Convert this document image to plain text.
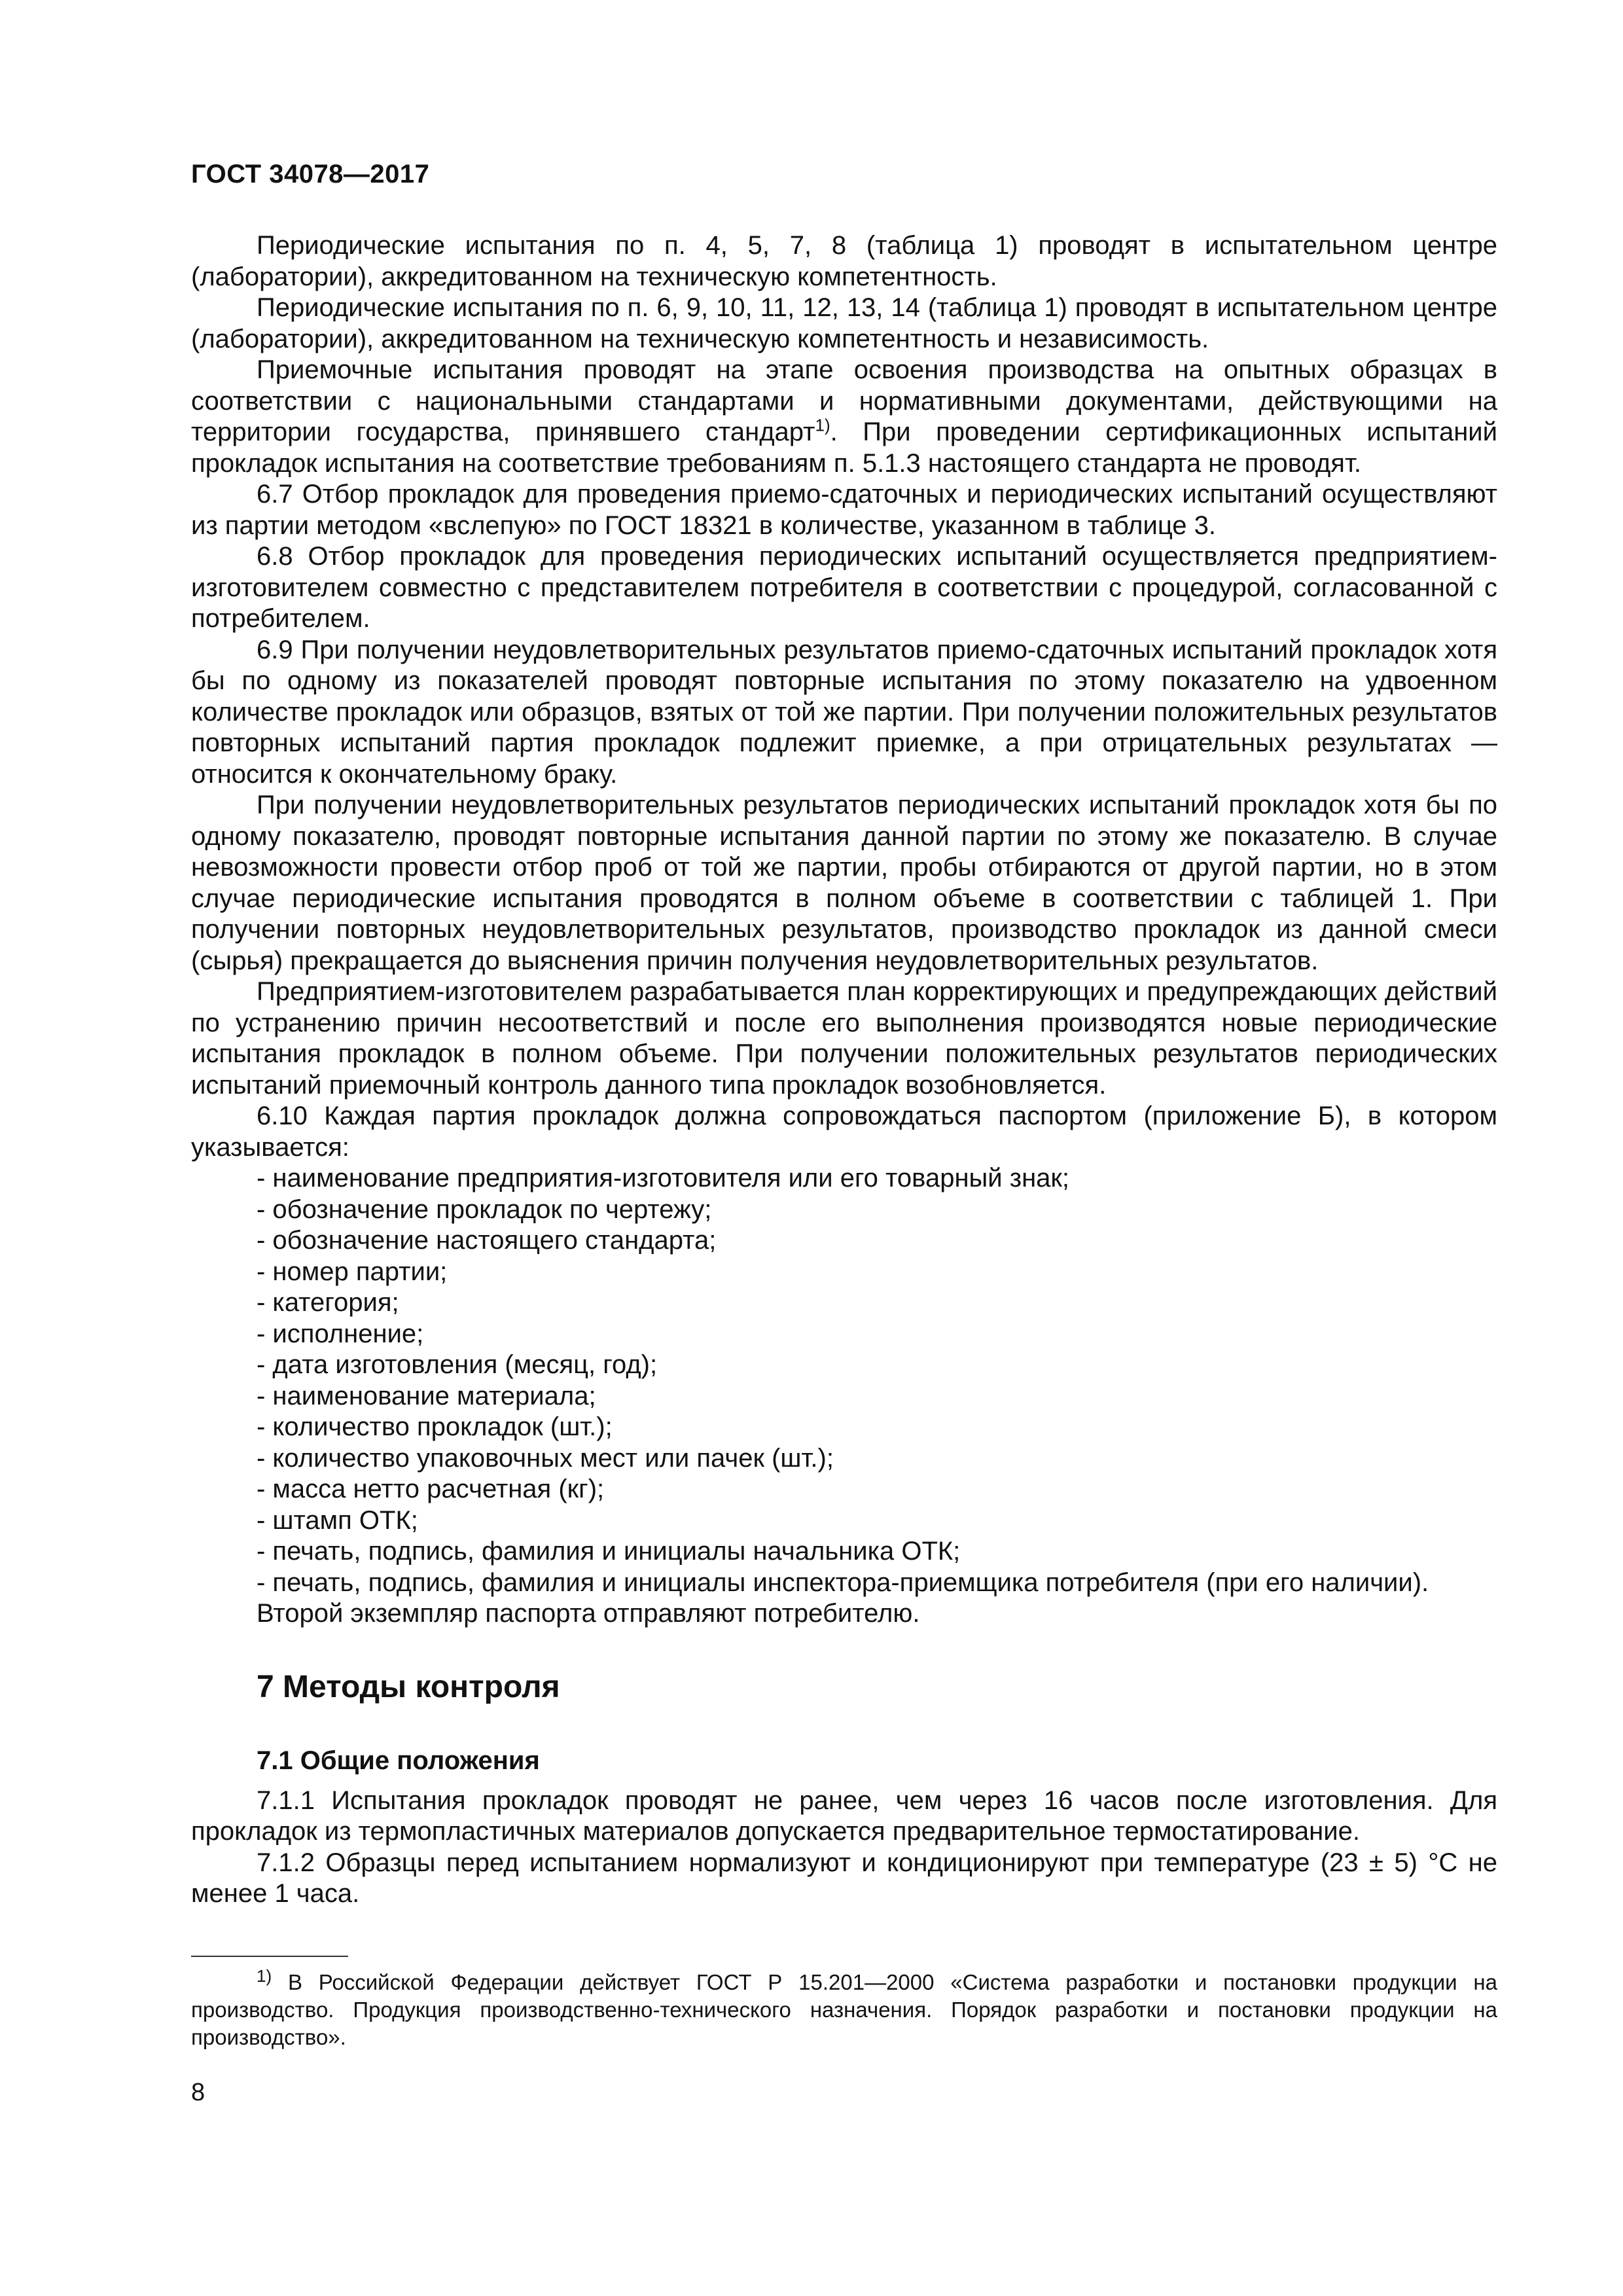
ГОСТ 34078—2017

Периодические испытания по п. 4, 5, 7, 8 (таблица 1) проводят в испытательном центре (лаборатории), аккредитованном на техническую компетентность.

Периодические испытания по п. 6, 9, 10, 11, 12, 13, 14 (таблица 1) проводят в испытательном центре (лаборатории), аккредитованном на техническую компетентность и независимость.

Приемочные испытания проводят на этапе освоения производства на опытных образцах в соответствии с национальными стандартами и нормативными документами, действующими на территории государства, принявшего стандарт$^{1)}$. При проведении сертификационных испытаний прокладок испытания на соответствие требованиям п. 5.1.3 настоящего стандарта не проводят.

6.7 Отбор прокладок для проведения приемо-сдаточных и периодических испытаний осуществляют из партии методом «вслепую» по ГОСТ 18321 в количестве, указанном в таблице 3.

6.8 Отбор прокладок для проведения периодических испытаний осуществляется предприятием-изготовителем совместно с представителем потребителя в соответствии с процедурой, согласованной с потребителем.

6.9 При получении неудовлетворительных результатов приемо-сдаточных испытаний прокладок хотя бы по одному из показателей проводят повторные испытания по этому показателю на удвоенном количестве прокладок или образцов, взятых от той же партии. При получении положительных результатов повторных испытаний партия прокладок подлежит приемке, а при отрицательных результатах — относится к окончательному браку.

При получении неудовлетворительных результатов периодических испытаний прокладок хотя бы по одному показателю, проводят повторные испытания данной партии по этому же показателю. В случае невозможности провести отбор проб от той же партии, пробы отбираются от другой партии, но в этом случае периодические испытания проводятся в полном объеме в соответствии с таблицей 1. При получении повторных неудовлетворительных результатов, производство прокладок из данной смеси (сырья) прекращается до выяснения причин получения неудовлетворительных результатов.

Предприятием-изготовителем разрабатывается план корректирующих и предупреждающих действий по устранению причин несоответствий и после его выполнения производятся новые периодические испытания прокладок в полном объеме. При получении положительных результатов периодических испытаний приемочный контроль данного типа прокладок возобновляется.

6.10 Каждая партия прокладок должна сопровождаться паспортом (приложение Б), в котором указывается:

- наименование предприятия-изготовителя или его товарный знак;
- обозначение прокладок по чертежу;
- обозначение настоящего стандарта;
- номер партии;
- категория;
- исполнение;
- дата изготовления (месяц, год);
- наименование материала;
- количество прокладок (шт.);
- количество упаковочных мест или пачек (шт.);
- масса нетто расчетная (кг);
- штамп ОТК;
- печать, подпись, фамилия и инициалы начальника ОТК;
- печать, подпись, фамилия и инициалы инспектора-приемщика потребителя (при его наличии).
Второй экземпляр паспорта отправляют потребителю.
7 Методы контроля
7.1 Общие положения

7.1.1 Испытания прокладок проводят не ранее, чем через 16 часов после изготовления. Для прокладок из термопластичных материалов допускается предварительное термостатирование.

7.1.2 Образцы перед испытанием нормализуют и кондиционируют при температуре (23 ± 5) °С не менее 1 часа.

$^{1)}$ В Российской Федерации действует ГОСТ Р 15.201—2000 «Система разработки и постановки продукции на производство. Продукция производственно-технического назначения. Порядок разработки и постановки продукции на производство».
8
